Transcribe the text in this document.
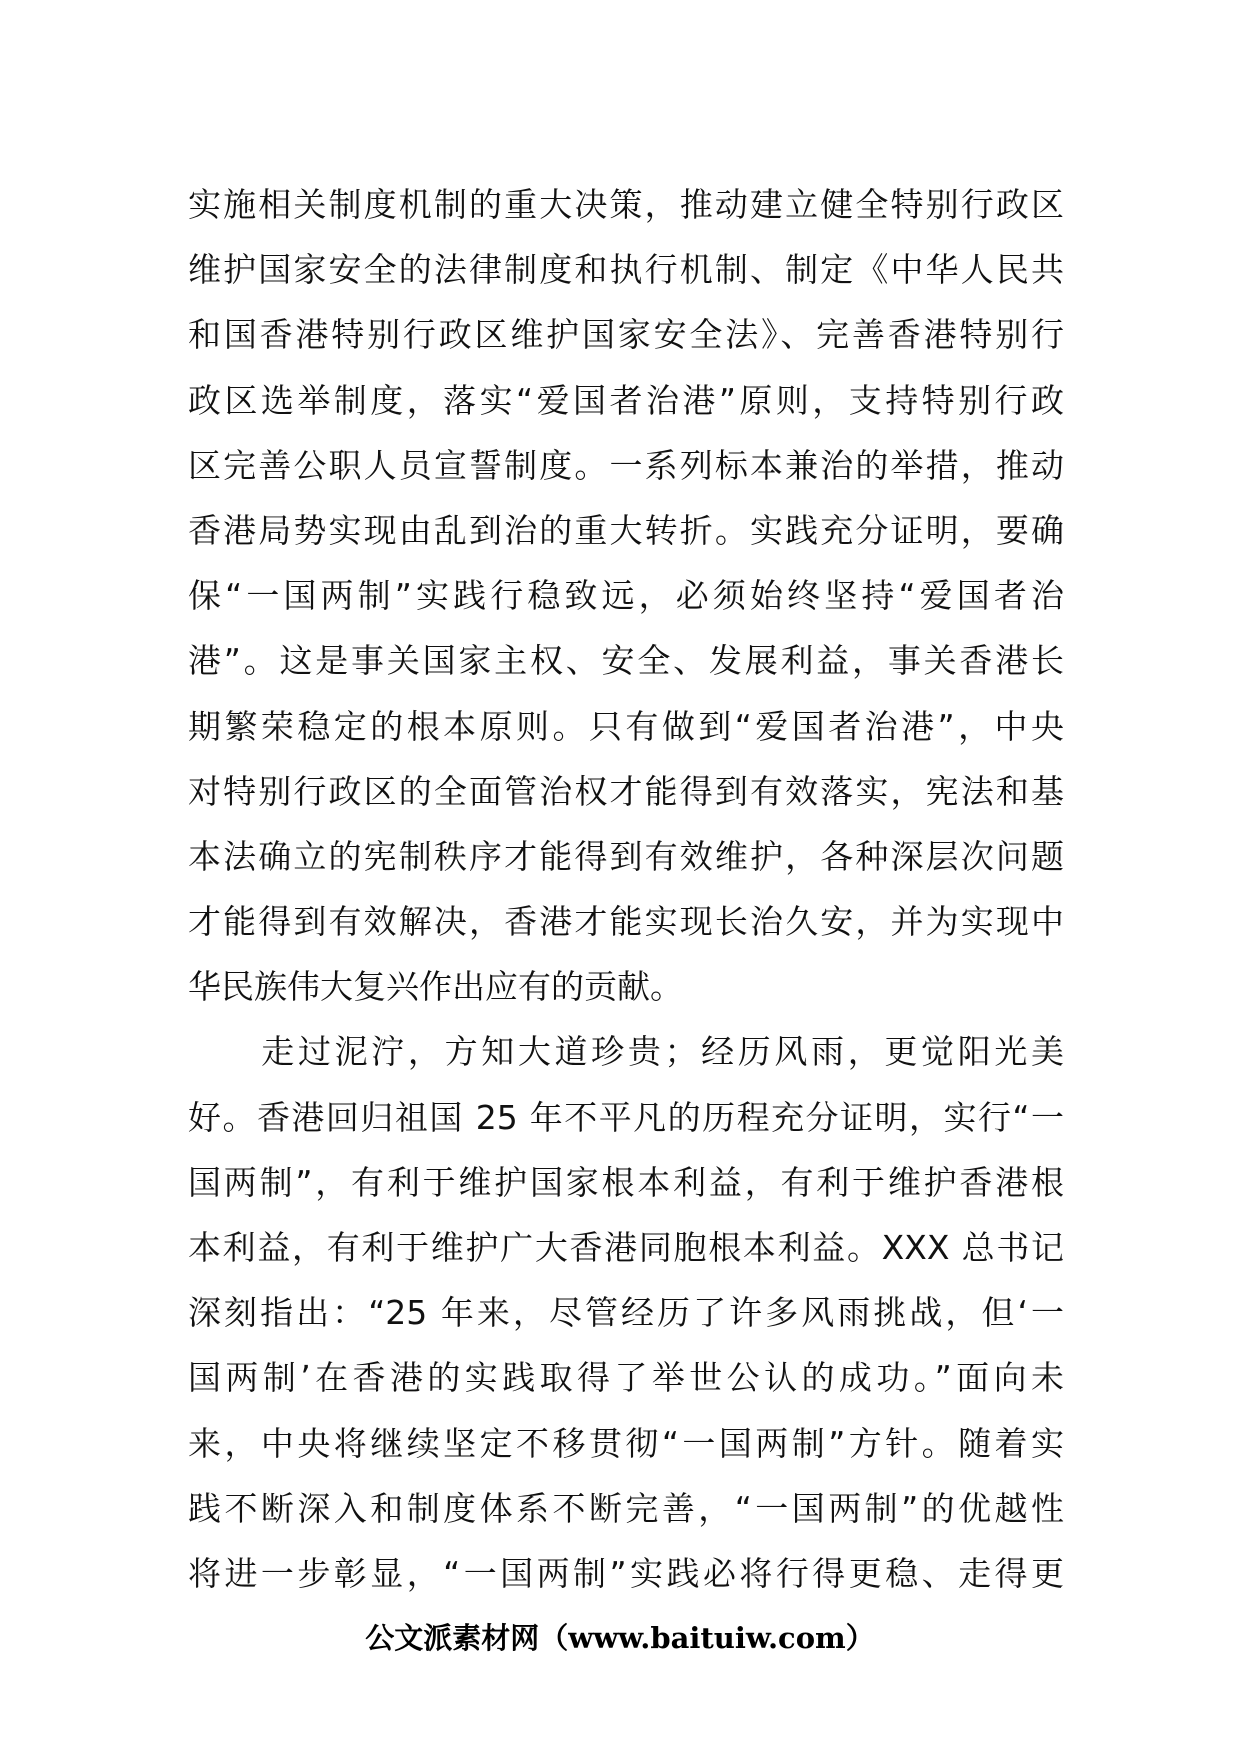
实施相关制度机制的重大决策，推动建立健全特别行政区
维护国家安全的法律制度和执行机制、制定《中华人民共
和国香港特别行政区维护国家安全法》、完善香港特别行
政区选举制度，落实“爱国者治港”原则，支持特别行政
区完善公职人员宣誓制度。一系列标本兼治的举措，推动
香港局势实现由乱到治的重大转折。实践充分证明，要确
保“一国两制”实践行稳致远，必须始终坚持“爱国者治
港”。这是事关国家主权、安全、发展利益，事关香港长
期繁荣稳定的根本原则。只有做到“爱国者治港”，中央
对特别行政区的全面管治权才能得到有效落实，宪法和基
本法确立的宪制秩序才能得到有效维护，各种深层次问题
才能得到有效解决，香港才能实现长治久安，并为实现中
华民族伟大复兴作出应有的贡献。
　　走过泥泞，方知大道珍贵；经历风雨，更觉阳光美
好。香港回归祖国 25 年不平凡的历程充分证明，实行“一
国两制”，有利于维护国家根本利益，有利于维护香港根
本利益，有利于维护广大香港同胞根本利益。XXX 总书记
深刻指出：“25 年来，尽管经历了许多风雨挑战，但‘一
国两制’在香港的实践取得了举世公认的成功。”面向未
来，中央将继续坚定不移贯彻“一国两制”方针。随着实
践不断深入和制度体系不断完善，“一国两制”的优越性
将进一步彰显，“一国两制”实践必将行得更稳、走得更
公文派素材网（www.baituiw.com）
